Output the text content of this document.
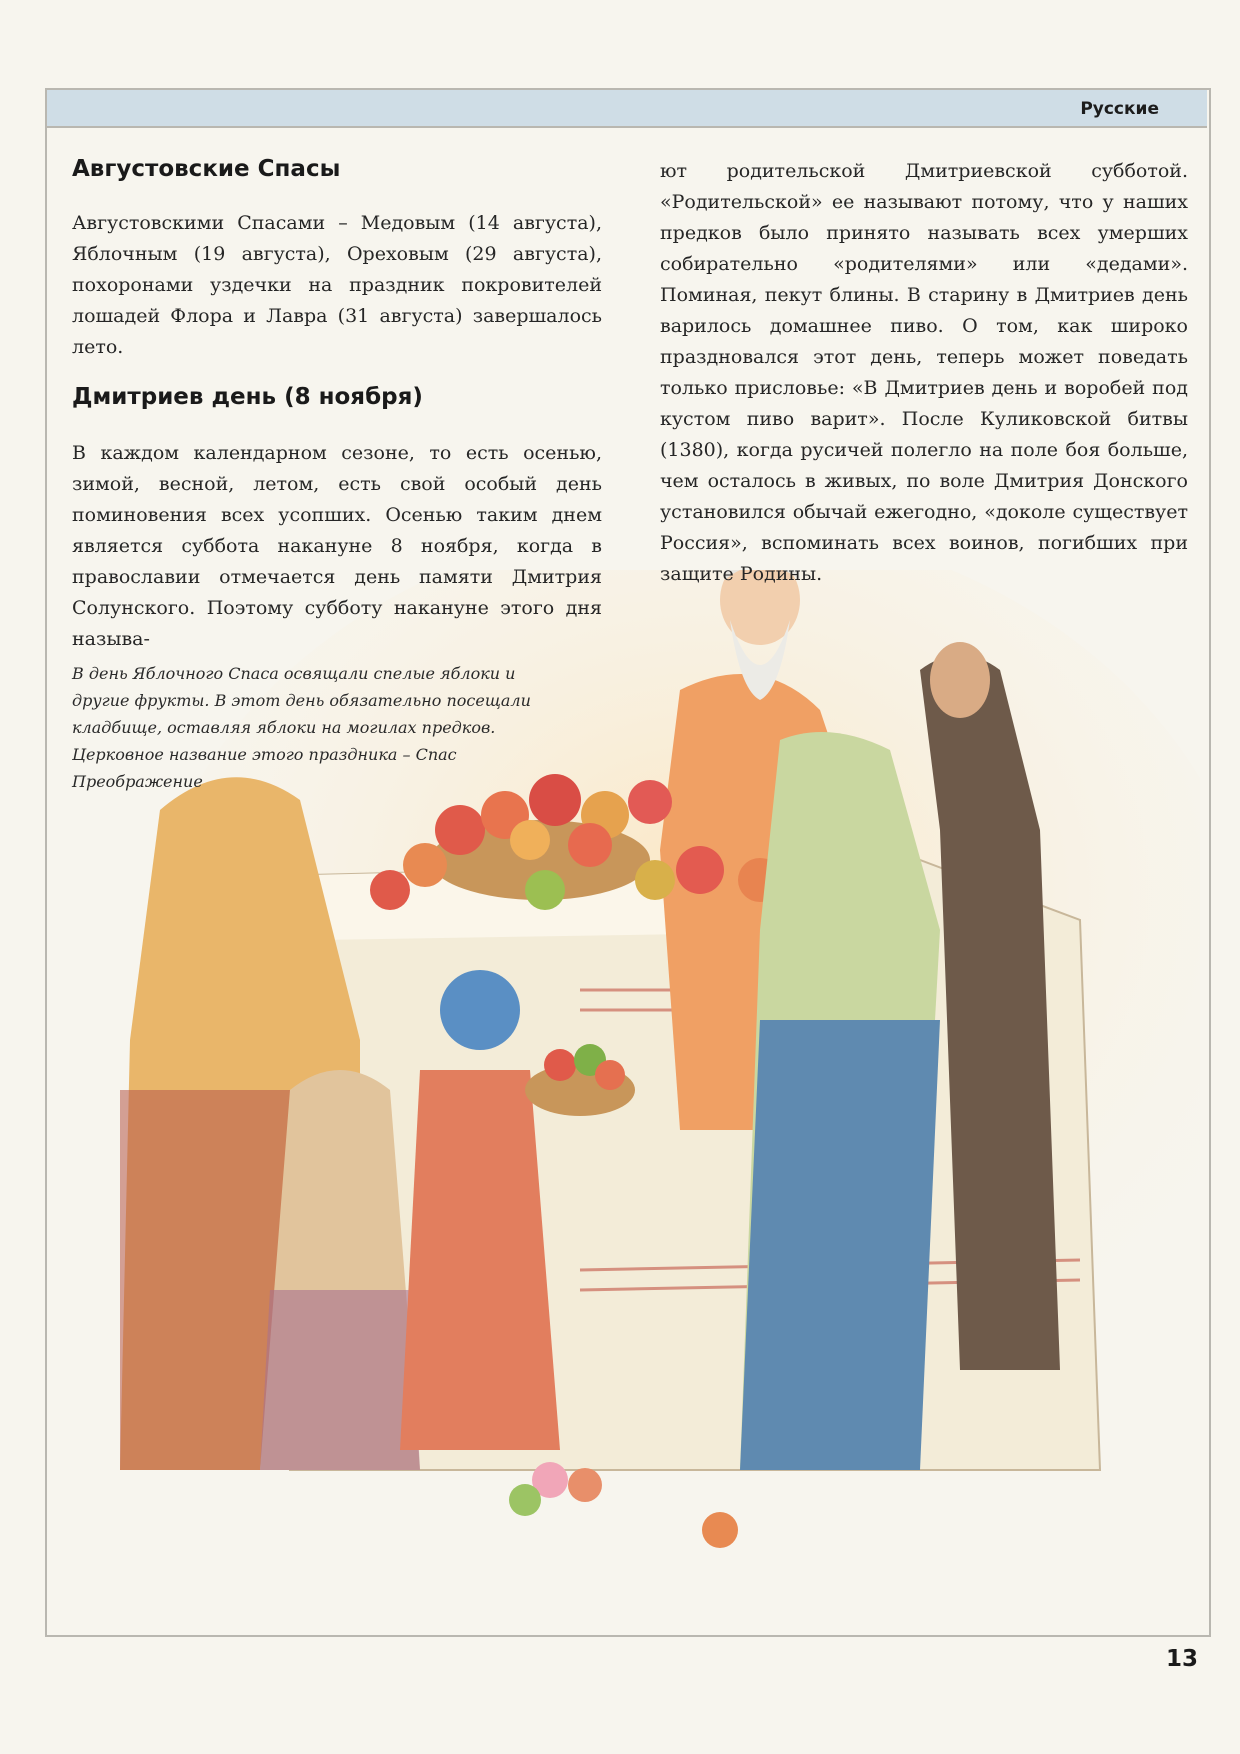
Русские
Августовские Спасы

Августовскими Спасами – Медовым (14 августа), Яблочным (19 августа), Ореховым (29 августа), похоронами уздечки на праздник покровителей лошадей Флора и Лавра (31 августа) завершалось лето.

Дмитриев день (8 ноября)

В каждом календарном сезоне, то есть осенью, зимой, весной, летом, есть свой особый день поминовения всех усопших. Осенью таким днем является суббота накануне 8 ноября, когда в православии отмечается день памяти Дмитрия Солунского. Поэтому субботу накануне этого дня называ-

ют родительской Дмитриевской субботой. «Родительской» ее называют потому, что у наших предков было принято называть всех умерших собирательно «родителями» или «дедами». Поминая, пекут блины. В старину в Дмитриев день варилось домашнее пиво. О том, как широко праздновался этот день, теперь может поведать только присловье: «В Дмитриев день и воробей под кустом пиво варит». После Куликовской битвы (1380), когда русичей полегло на поле боя больше, чем осталось в живых, по воле Дмитрия Донского установился обычай ежегодно, «доколе существует Россия», вспоминать всех воинов, погибших при защите Родины.

В день Яблочного Спаса освящали спелые яблоки и другие фрукты. В этот день обязательно посещали кладбище, оставляя яблоки на могилах предков. Церковное название этого праздника – Спас Преображение

13
